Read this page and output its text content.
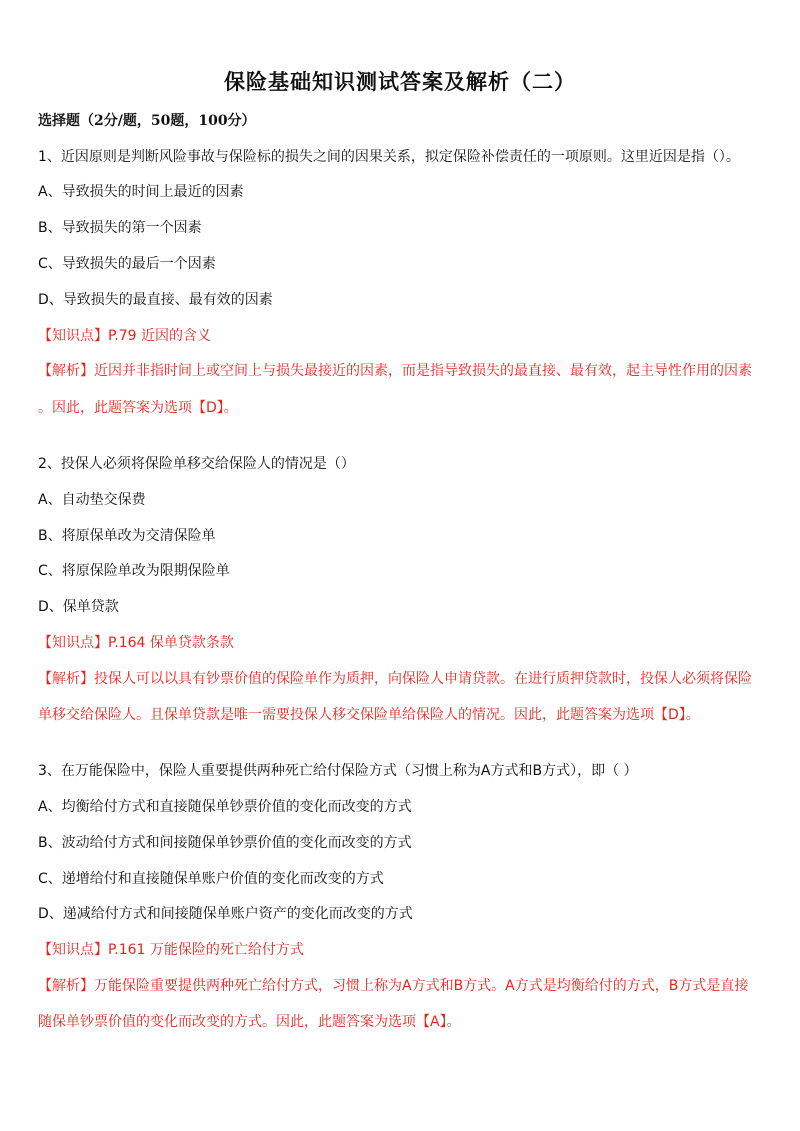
保险基础知识测试答案及解析（二）
选择题（2分/题，50题，100分）
1、近因原则是判断风险事故与保险标的损失之间的因果关系，拟定保险补偿责任的一项原则。这里近因是指（）。
A、导致损失的时间上最近的因素
B、导致损失的第一个因素
C、导致损失的最后一个因素
D、导致损失的最直接、最有效的因素
【知识点】P.79 近因的含义
【解析】近因并非指时间上或空间上与损失最接近的因素，而是指导致损失的最直接、最有效，起主导性作用的因素
。因此，此题答案为选项【D】。
2、投保人必须将保险单移交给保险人的情况是（）
A、自动垫交保费
B、将原保单改为交清保险单
C、将原保险单改为限期保险单
D、保单贷款
【知识点】P.164 保单贷款条款
【解析】投保人可以以具有钞票价值的保险单作为质押，向保险人申请贷款。在进行质押贷款时，投保人必须将保险
单移交给保险人。且保单贷款是唯一需要投保人移交保险单给保险人的情况。因此，此题答案为选项【D】。
3、在万能保险中，保险人重要提供两种死亡给付保险方式（习惯上称为A方式和B方式），即（ ）
A、均衡给付方式和直接随保单钞票价值的变化而改变的方式
B、波动给付方式和间接随保单钞票价值的变化而改变的方式
C、递增给付和直接随保单账户价值的变化而改变的方式
D、递减给付方式和间接随保单账户资产的变化而改变的方式
【知识点】P.161 万能保险的死亡给付方式
【解析】万能保险重要提供两种死亡给付方式，习惯上称为A方式和B方式。A方式是均衡给付的方式，B方式是直接
随保单钞票价值的变化而改变的方式。因此，此题答案为选项【A】。
